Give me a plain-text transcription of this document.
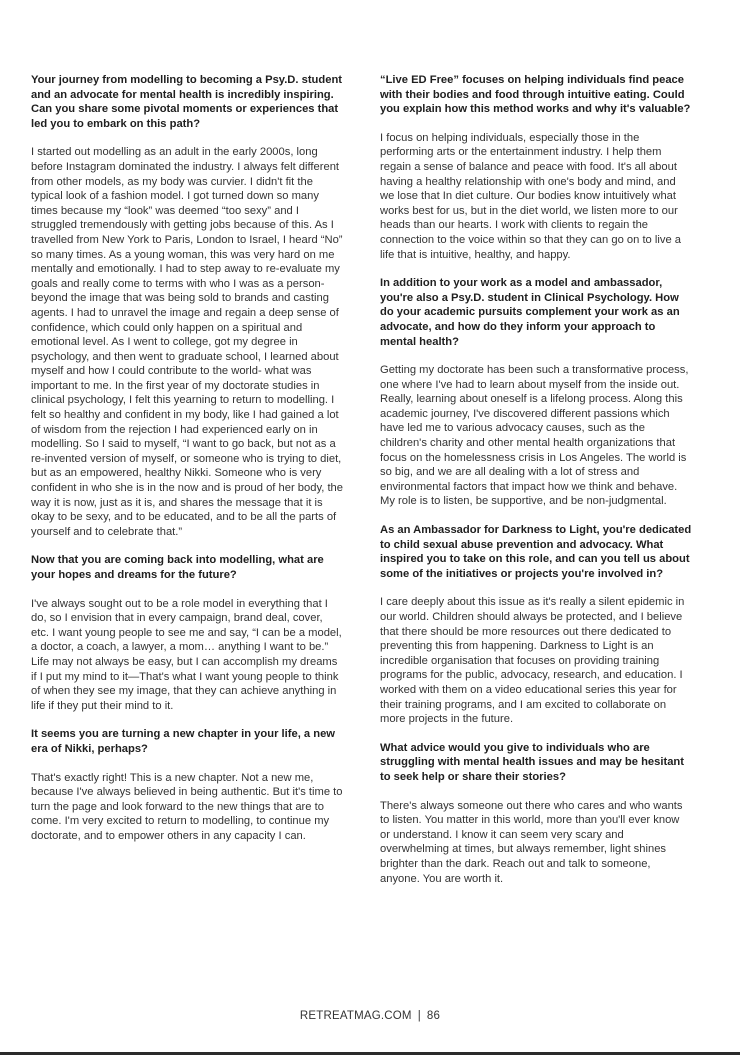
Your journey from modelling to becoming a Psy.D. student and an advocate for mental health is incredibly inspiring. Can you share some pivotal moments or experiences that led you to embark on this path?

I started out modelling as an adult in the early 2000s, long before Instagram dominated the industry. I always felt different from other models, as my body was curvier. I didn't fit the typical look of a fashion model. I got turned down so many times because my “look” was deemed “too sexy” and I struggled tremendously with getting jobs because of this. As I travelled from New York to Paris, London to Israel, I heard “No” so many times. As a young woman, this was very hard on me mentally and emotionally. I had to step away to re-evaluate my goals and really come to terms with who I was as a person- beyond the image that was being sold to brands and casting agents. I had to unravel the image and regain a deep sense of confidence, which could only happen on a spiritual and emotional level. As I went to college, got my degree in psychology, and then went to graduate school, I learned about myself and how I could contribute to the world- what was important to me. In the first year of my doctorate studies in clinical psychology, I felt this yearning to return to modelling. I felt so healthy and confident in my body, like I had gained a lot of wisdom from the rejection I had experienced early on in modelling. So I said to myself, “I want to go back, but not as a re-invented version of myself, or someone who is trying to diet, but as an empowered, healthy Nikki. Someone who is very confident in who she is in the now and is proud of her body, the way it is now, just as it is, and shares the message that it is okay to be sexy, and to be educated, and to be all the parts of yourself and to celebrate that.”

Now that you are coming back into modelling, what are your hopes and dreams for the future?

I've always sought out to be a role model in everything that I do, so I envision that in every campaign, brand deal, cover, etc. I want young people to see me and say, “I can be a model, a doctor, a coach, a lawyer, a mom… anything I want to be.” Life may not always be easy, but I can accomplish my dreams if I put my mind to it—That's what I want young people to think of when they see my image, that they can achieve anything in life if they put their mind to it.

It seems you are turning a new chapter in your life, a new era of Nikki, perhaps?

That's exactly right! This is a new chapter. Not a new me, because I've always believed in being authentic. But it's time to turn the page and look forward to the new things that are to come. I'm very excited to return to modelling, to continue my doctorate, and to empower others in any capacity I can.

“Live ED Free” focuses on helping individuals find peace with their bodies and food through intuitive eating. Could you explain how this method works and why it's valuable?

I focus on helping individuals, especially those in the performing arts or the entertainment industry. I help them regain a sense of balance and peace with food. It's all about having a healthy relationship with one's body and mind, and we lose that In diet culture. Our bodies know intuitively what works best for us, but in the diet world, we listen more to our heads than our hearts. I work with clients to regain the connection to the voice within so that they can go on to live a life that is intuitive, healthy, and happy.

In addition to your work as a model and ambassador, you're also a Psy.D. student in Clinical Psychology. How do your academic pursuits complement your work as an advocate, and how do they inform your approach to mental health?

Getting my doctorate has been such a transformative process, one where I've had to learn about myself from the inside out. Really, learning about oneself is a lifelong process. Along this academic journey, I've discovered different passions which have led me to various advocacy causes, such as the children's charity and other mental health organizations that focus on the homelessness crisis in Los Angeles. The world is so big, and we are all dealing with a lot of stress and environmental factors that impact how we think and behave. My role is to listen, be supportive, and be non-judgmental.

As an Ambassador for Darkness to Light, you're dedicated to child sexual abuse prevention and advocacy. What inspired you to take on this role, and can you tell us about some of the initiatives or projects you're involved in?

I care deeply about this issue as it's really a silent epidemic in our world. Children should always be protected, and I believe that there should be more resources out there dedicated to preventing this from happening. Darkness to Light is an incredible organisation that focuses on providing training programs for the public, advocacy, research, and education. I worked with them on a video educational series this year for their training programs, and I am excited to collaborate on more projects in the future.

What advice would you give to individuals who are struggling with mental health issues and may be hesitant to seek help or share their stories?

There's always someone out there who cares and who wants to listen. You matter in this world, more than you'll ever know or understand. I know it can seem very scary and overwhelming at times, but always remember, light shines brighter than the dark. Reach out and talk to someone, anyone. You are worth it.

RETREATMAG.COM | 86
